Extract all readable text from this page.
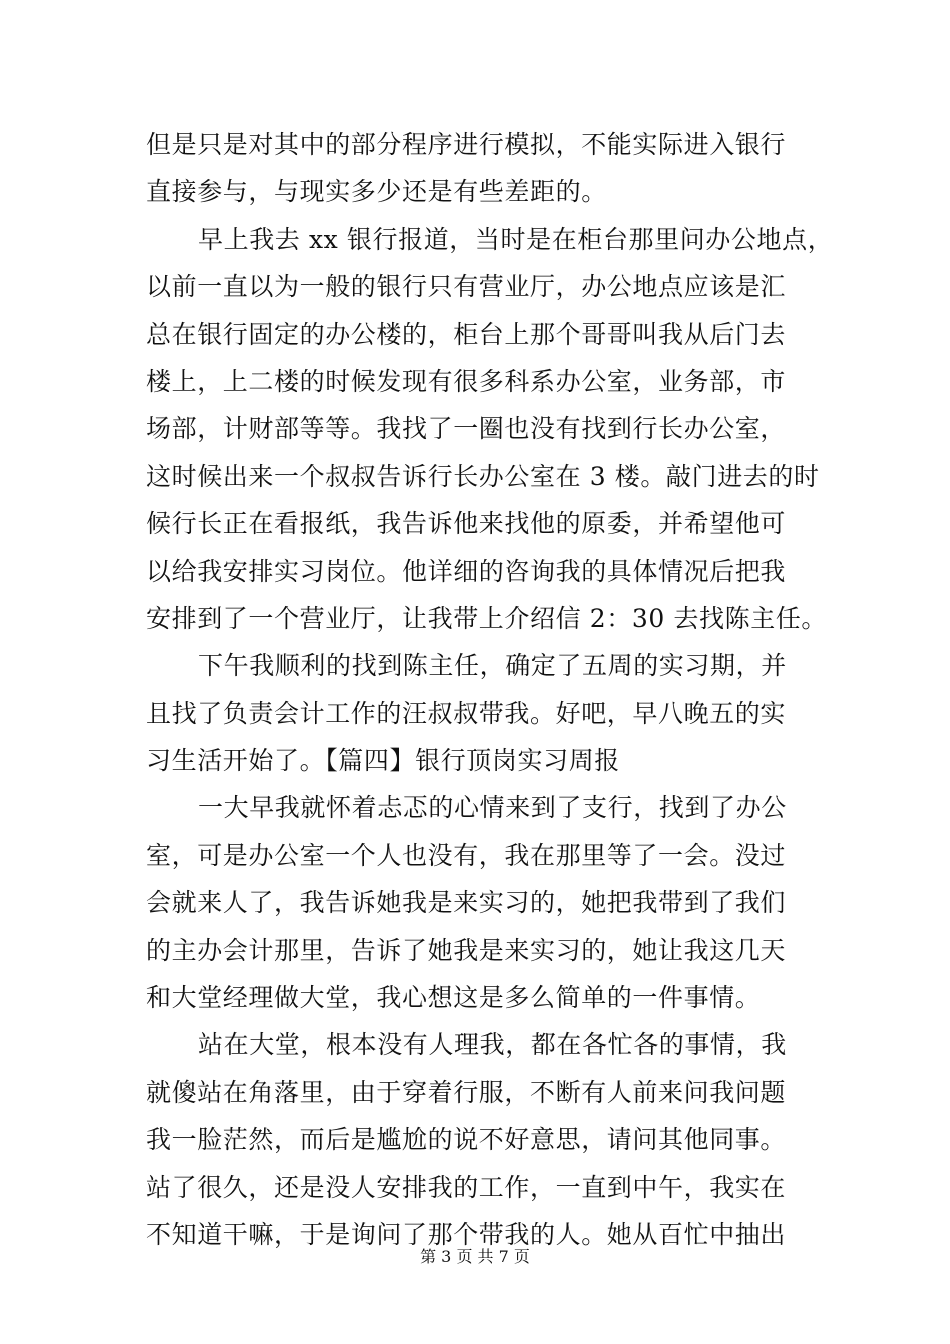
但是只是对其中的部分程序进行模拟，不能实际进入银行
直接参与，与现实多少还是有些差距的。
早上我去 xx 银行报道，当时是在柜台那里问办公地点，
以前一直以为一般的银行只有营业厅，办公地点应该是汇
总在银行固定的办公楼的，柜台上那个哥哥叫我从后门去
楼上，上二楼的时候发现有很多科系办公室，业务部，市
场部，计财部等等。我找了一圈也没有找到行长办公室，
这时候出来一个叔叔告诉行长办公室在 3 楼。敲门进去的时
候行长正在看报纸，我告诉他来找他的原委，并希望他可
以给我安排实习岗位。他详细的咨询我的具体情况后把我
安排到了一个营业厅，让我带上介绍信 2：30 去找陈主任。
下午我顺利的找到陈主任，确定了五周的实习期，并
且找了负责会计工作的汪叔叔带我。好吧，早八晚五的实
习生活开始了。【篇四】银行顶岗实习周报
一大早我就怀着忐忑的心情来到了支行，找到了办公
室，可是办公室一个人也没有，我在那里等了一会。没过
会就来人了，我告诉她我是来实习的，她把我带到了我们
的主办会计那里，告诉了她我是来实习的，她让我这几天
和大堂经理做大堂，我心想这是多么简单的一件事情。
站在大堂，根本没有人理我，都在各忙各的事情，我
就傻站在角落里，由于穿着行服，不断有人前来问我问题
我一脸茫然，而后是尴尬的说不好意思，请问其他同事。
站了很久，还是没人安排我的工作，一直到中午，我实在
不知道干嘛，于是询问了那个带我的人。她从百忙中抽出
第 3 页 共 7 页
